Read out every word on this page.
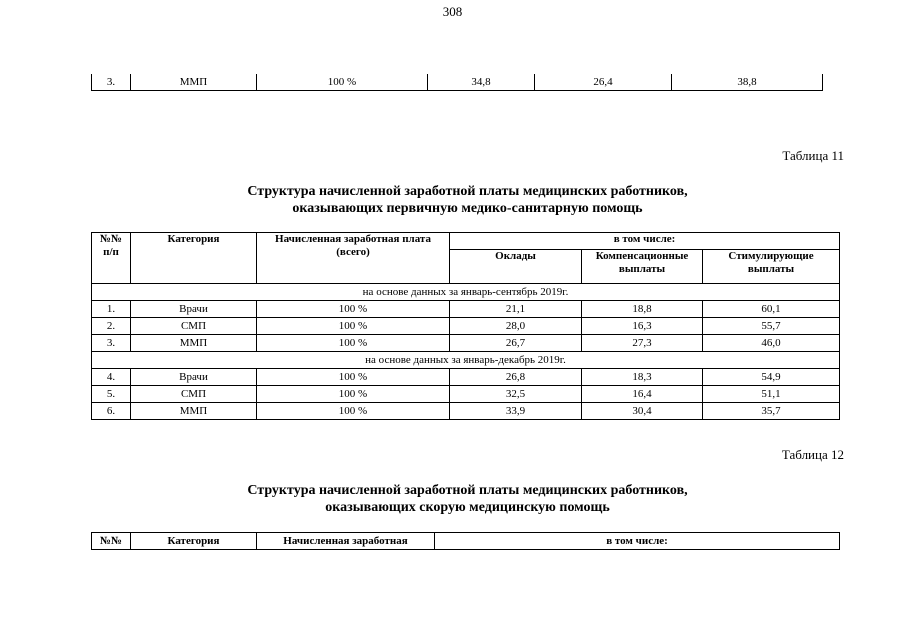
308
3.	ММП	100 %	34,8	26,4	38,8
Таблица 11
Структура начисленной заработной платы медицинских работников,
оказывающих первичную медико-санитарную помощь
№№ п/п	Категория	Начисленная заработная плата (всего)	в том числе:		
			Оклады	Компенсационные выплаты	Стимулирующие выплаты
на основе данных за январь-сентябрь 2019г.					
1.	Врачи	100 %	21,1	18,8	60,1
2.	СМП	100 %	28,0	16,3	55,7
3.	ММП	100 %	26,7	27,3	46,0
на основе данных за январь-декабрь 2019г.					
4.	Врачи	100 %	26,8	18,3	54,9
5.	СМП	100 %	32,5	16,4	51,1
6.	ММП	100 %	33,9	30,4	35,7
Таблица 12
Структура начисленной заработной платы медицинских работников,
оказывающих скорую медицинскую помощь
№№	Категория	Начисленная заработная	в том числе:
